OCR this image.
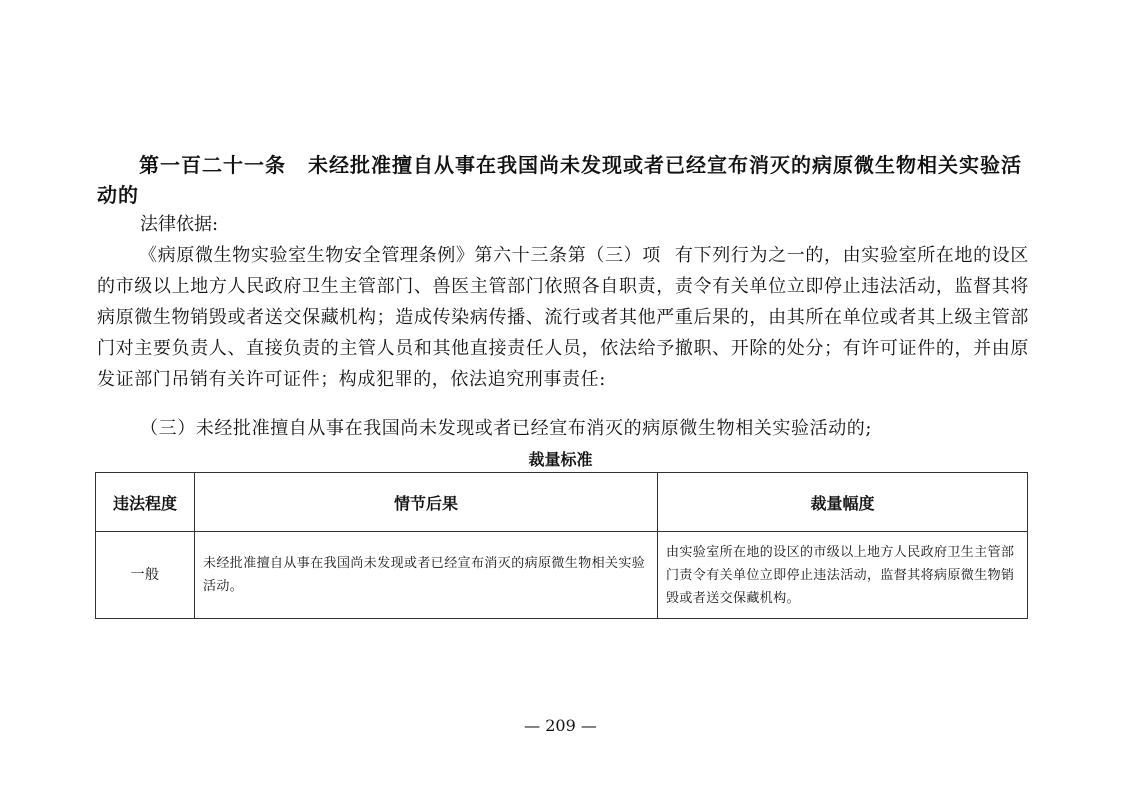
第一百二十一条 未经批准擅自从事在我国尚未发现或者已经宣布消灭的病原微生物相关实验活动的
法律依据:
《病原微生物实验室生物安全管理条例》第六十三条第（三）项 有下列行为之一的，由实验室所在地的设区的市级以上地方人民政府卫生主管部门、兽医主管部门依照各自职责，责令有关单位立即停止违法活动，监督其将病原微生物销毁或者送交保藏机构；造成传染病传播、流行或者其他严重后果的，由其所在单位或者其上级主管部门对主要负责人、直接负责的主管人员和其他直接责任人员，依法给予撤职、开除的处分；有许可证件的，并由原发证部门吊销有关许可证件；构成犯罪的，依法追究刑事责任:
（三）未经批准擅自从事在我国尚未发现或者已经宣布消灭的病原微生物相关实验活动的;
裁量标准
违法程度	情节后果	裁量幅度
一般	未经批准擅自从事在我国尚未发现或者已经宣布消灭的病原微生物相关实验活动。	由实验室所在地的设区的市级以上地方人民政府卫生主管部门责令有关单位立即停止违法活动，监督其将病原微生物销毁或者送交保藏机构。
— 209 —
